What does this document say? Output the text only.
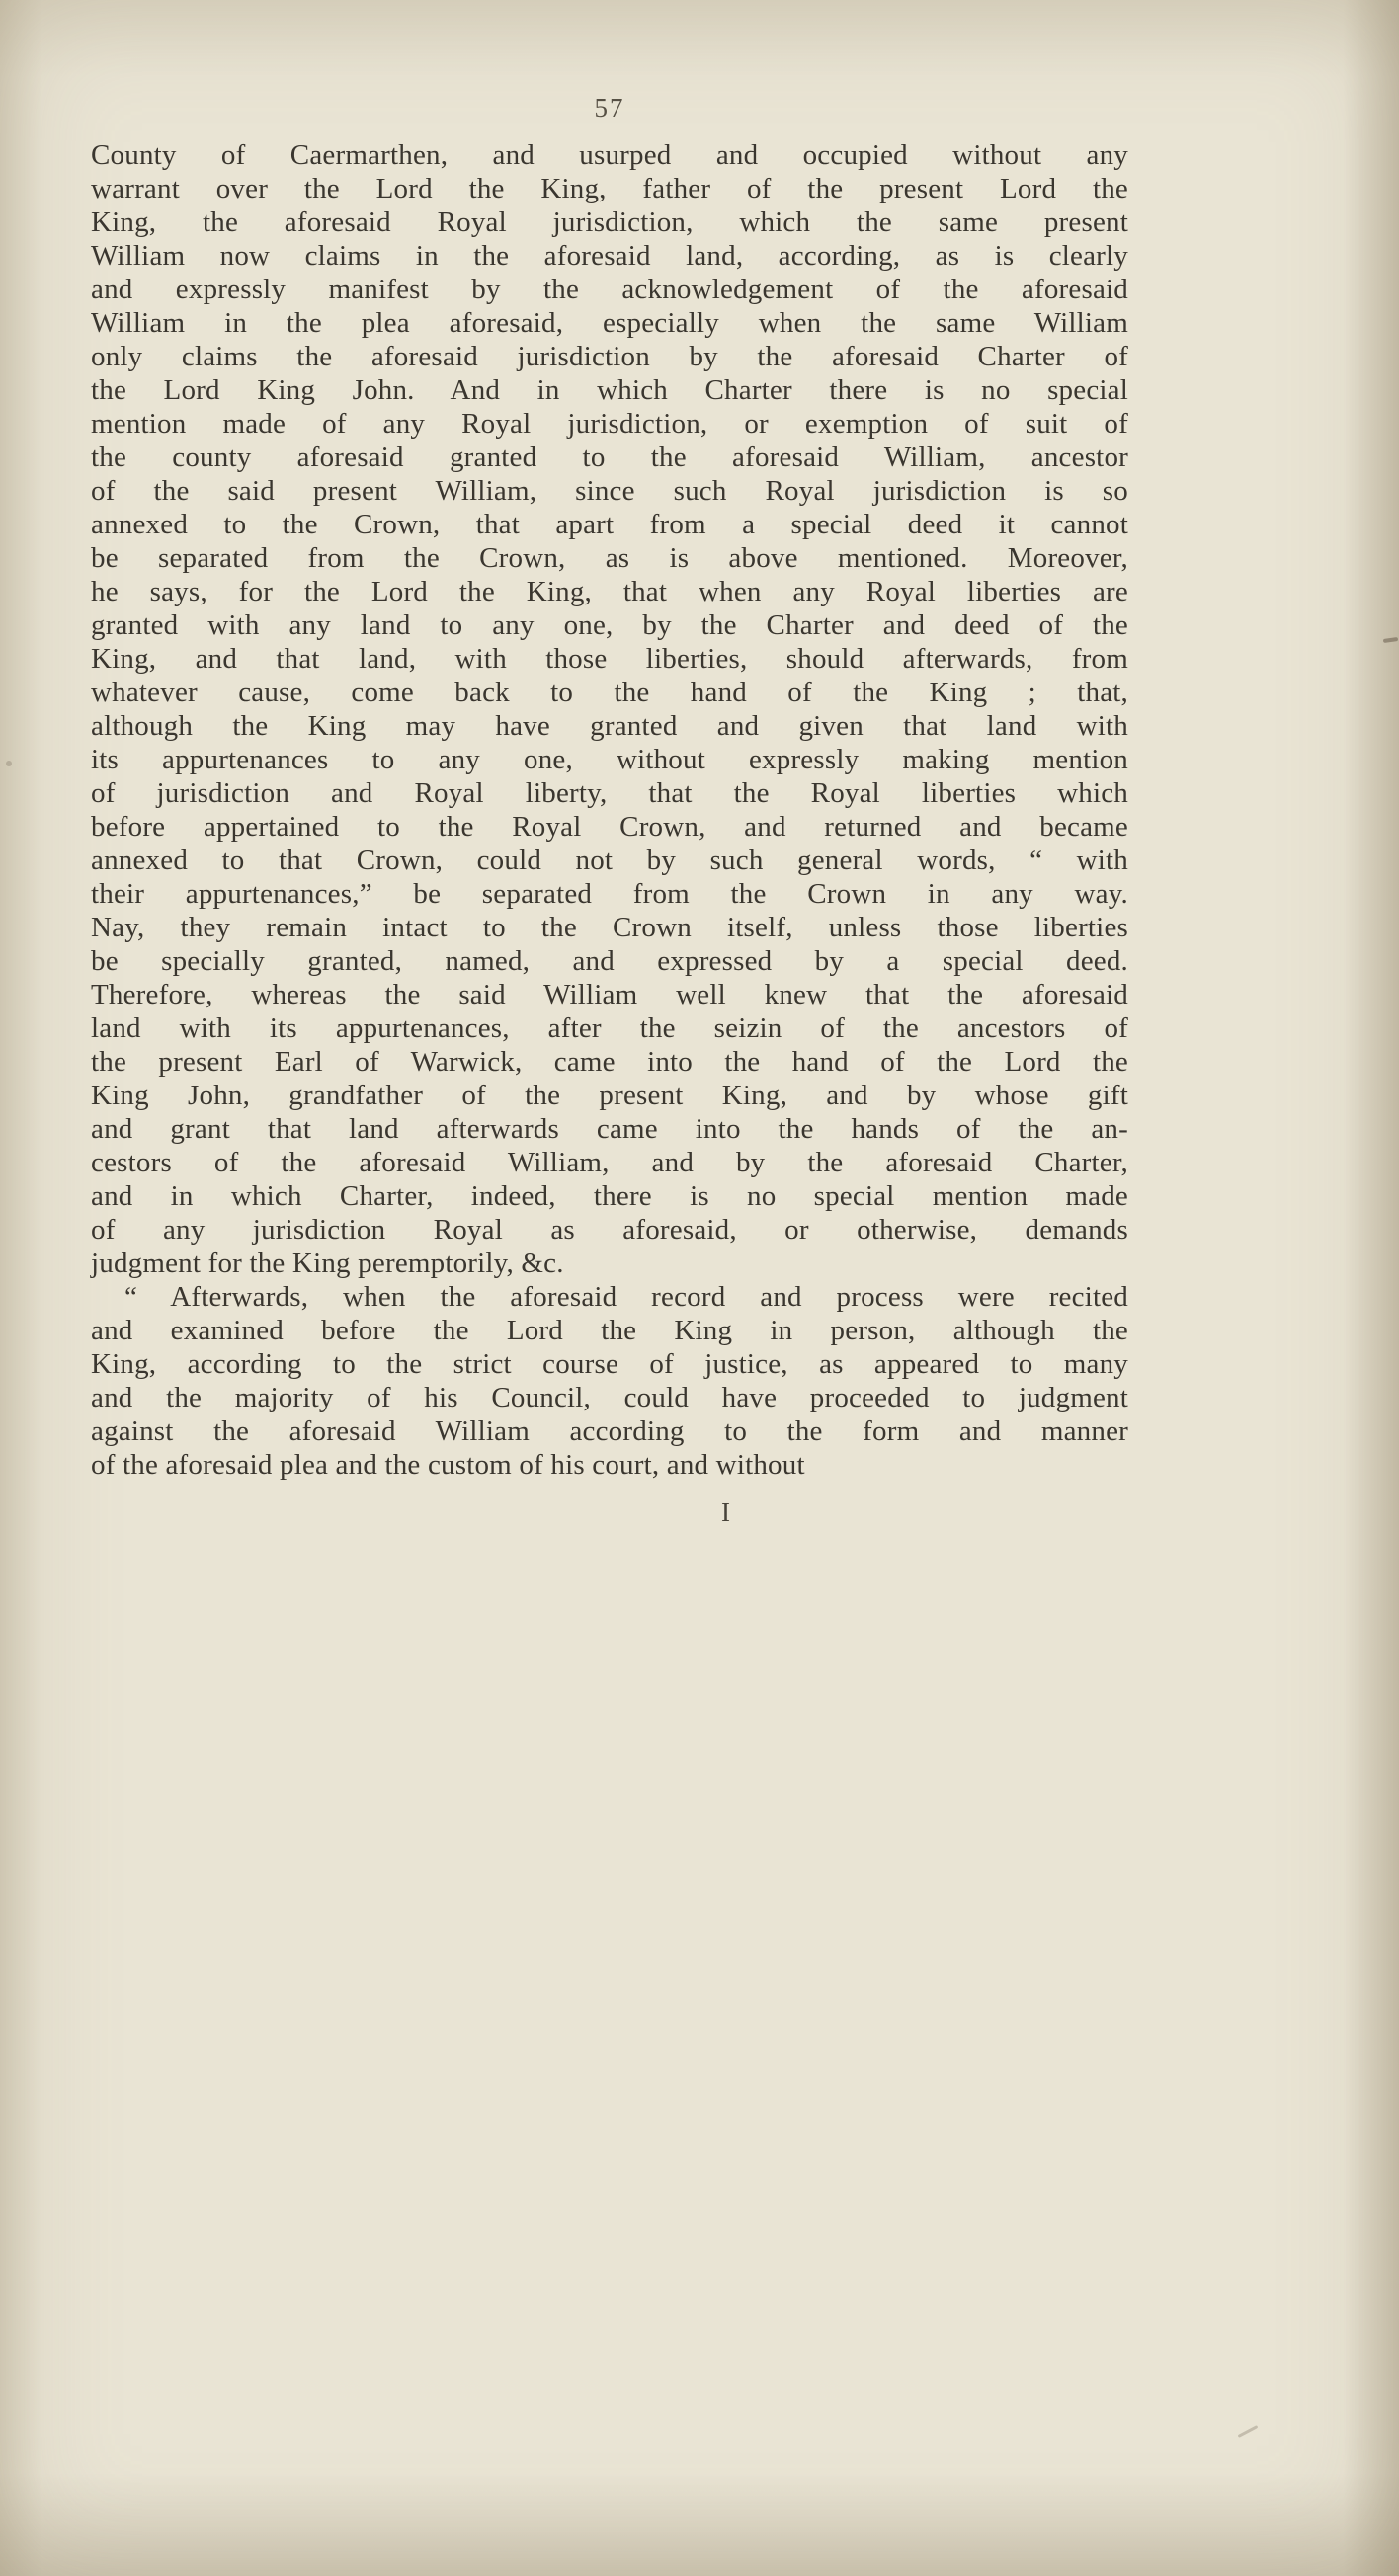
57

County of Caermarthen, and usurped and occupied without any
warrant over the Lord the King, father of the present Lord the
King, the aforesaid Royal jurisdiction, which the same present
William now claims in the aforesaid land, according, as is clearly
and expressly manifest by the acknowledgement of the aforesaid
William in the plea aforesaid, especially when the same William
only claims the aforesaid jurisdiction by the aforesaid Charter of
the Lord King John. And in which Charter there is no special
mention made of any Royal jurisdiction, or exemption of suit of
the county aforesaid granted to the aforesaid William, ancestor
of the said present William, since such Royal jurisdiction is so
annexed to the Crown, that apart from a special deed it cannot
be separated from the Crown, as is above mentioned. Moreover,
he says, for the Lord the King, that when any Royal liberties are
granted with any land to any one, by the Charter and deed of the
King, and that land, with those liberties, should afterwards, from
whatever cause, come back to the hand of the King ; that,
although the King may have granted and given that land with
its appurtenances to any one, without expressly making mention
of jurisdiction and Royal liberty, that the Royal liberties which
before appertained to the Royal Crown, and returned and became
annexed to that Crown, could not by such general words, “ with
their appurtenances,” be separated from the Crown in any way.
Nay, they remain intact to the Crown itself, unless those liberties
be specially granted, named, and expressed by a special deed.
Therefore, whereas the said William well knew that the aforesaid
land with its appurtenances, after the seizin of the ancestors of
the present Earl of Warwick, came into the hand of the Lord the
King John, grandfather of the present King, and by whose gift
and grant that land afterwards came into the hands of the an-
cestors of the aforesaid William, and by the aforesaid Charter,
and in which Charter, indeed, there is no special mention made
of any jurisdiction Royal as aforesaid, or otherwise, demands
judgment for the King peremptorily, &c.

“ Afterwards, when the aforesaid record and process were recited
and examined before the Lord the King in person, although the
King, according to the strict course of justice, as appeared to many
and the majority of his Council, could have proceeded to judgment
against the aforesaid William according to the form and manner
of the aforesaid plea and the custom of his court, and without

I
